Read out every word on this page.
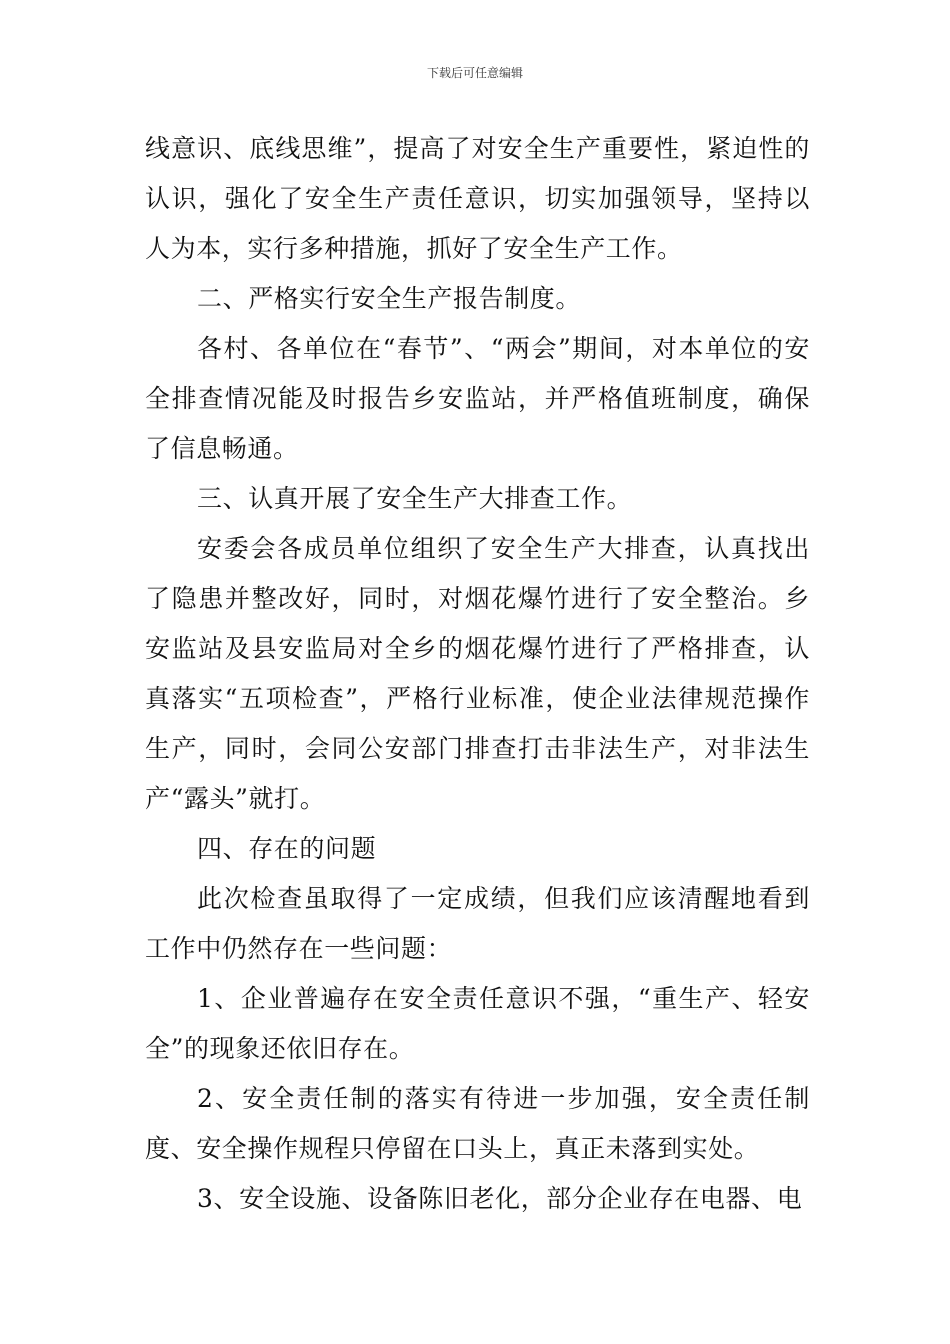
下载后可任意编辑

线意识、底线思维”，提高了对安全生产重要性，紧迫性的认识，强化了安全生产责任意识，切实加强领导，坚持以人为本，实行多种措施，抓好了安全生产工作。

二、严格实行安全生产报告制度。

各村、各单位在“春节”、“两会”期间，对本单位的安全排查情况能及时报告乡安监站，并严格值班制度，确保了信息畅通。

三、认真开展了安全生产大排查工作。

安委会各成员单位组织了安全生产大排查，认真找出了隐患并整改好，同时，对烟花爆竹进行了安全整治。乡安监站及县安监局对全乡的烟花爆竹进行了严格排查，认真落实“五项检查”，严格行业标准，使企业法律规范操作生产，同时，会同公安部门排查打击非法生产，对非法生产“露头”就打。

四、存在的问题

此次检查虽取得了一定成绩，但我们应该清醒地看到工作中仍然存在一些问题：

1、企业普遍存在安全责任意识不强，“重生产、轻安全”的现象还依旧存在。

2、安全责任制的落实有待进一步加强，安全责任制度、安全操作规程只停留在口头上，真正未落到实处。

3、安全设施、设备陈旧老化，部分企业存在电器、电
